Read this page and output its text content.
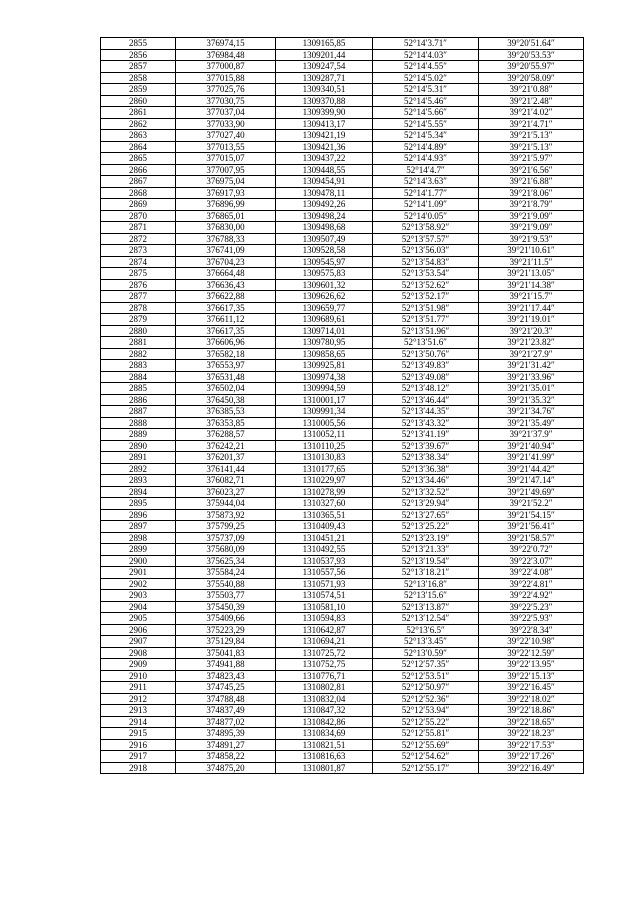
2855	376974,15	1309165,85	52°14′3.71″	39°20′51.64″
2856	376984,48	1309201,44	52°14′4.03″	39°20′53.53″
2857	377000,87	1309247,54	52°14′4.55″	39°20′55.97″
2858	377015,88	1309287,71	52°14′5.02″	39°20′58.09″
2859	377025,76	1309340,51	52°14′5.31″	39°21′0.88″
2860	377030,75	1309370,88	52°14′5.46″	39°21′2.48″
2861	377037,04	1309399,90	52°14′5.66″	39°21′4.02″
2862	377033,90	1309413,17	52°14′5.55″	39°21′4.71″
2863	377027,40	1309421,19	52°14′5.34″	39°21′5.13″
2864	377013,55	1309421,36	52°14′4.89″	39°21′5.13″
2865	377015,07	1309437,22	52°14′4.93″	39°21′5.97″
2866	377007,95	1309448,55	52°14′4.7″	39°21′6.56″
2867	376975,04	1309454,91	52°14′3.63″	39°21′6.88″
2868	376917,93	1309478,11	52°14′1.77″	39°21′8.06″
2869	376896,99	1309492,26	52°14′1.09″	39°21′8.79″
2870	376865,01	1309498,24	52°14′0.05″	39°21′9.09″
2871	376830,00	1309498,68	52°13′58.92″	39°21′9.09″
2872	376788,33	1309507,49	52°13′57.57″	39°21′9.53″
2873	376741,09	1309528,58	52°13′56.03″	39°21′10.61″
2874	376704,23	1309545,97	52°13′54.83″	39°21′11.5″
2875	376664,48	1309575,83	52°13′53.54″	39°21′13.05″
2876	376636,43	1309601,32	52°13′52.62″	39°21′14.38″
2877	376622,88	1309626,62	52°13′52.17″	39°21′15.7″
2878	376617,35	1309659,77	52°13′51.98″	39°21′17.44″
2879	376611,12	1309689,61	52°13′51.77″	39°21′19.01″
2880	376617,35	1309714,01	52°13′51.96″	39°21′20.3″
2881	376606,96	1309780,95	52°13′51.6″	39°21′23.82″
2882	376582,18	1309858,65	52°13′50.76″	39°21′27.9″
2883	376553,97	1309925,81	52°13′49.83″	39°21′31.42″
2884	376531,48	1309974,38	52°13′49.08″	39°21′33.96″
2885	376502,04	1309994,59	52°13′48.12″	39°21′35.01″
2886	376450,38	1310001,17	52°13′46.44″	39°21′35.32″
2887	376385,53	1309991,34	52°13′44.35″	39°21′34.76″
2888	376353,85	1310005,56	52°13′43.32″	39°21′35.49″
2889	376288,57	1310052,11	52°13′41.19″	39°21′37.9″
2890	376242,21	1310110,25	52°13′39.67″	39°21′40.94″
2891	376201,37	1310130,83	52°13′38.34″	39°21′41.99″
2892	376141,44	1310177,65	52°13′36.38″	39°21′44.42″
2893	376082,71	1310229,97	52°13′34.46″	39°21′47.14″
2894	376023,27	1310278,99	52°13′32.52″	39°21′49.69″
2895	375944,04	1310327,60	52°13′29.94″	39°21′52.2″
2896	375873,92	1310365,51	52°13′27.65″	39°21′54.15″
2897	375799,25	1310409,43	52°13′25.22″	39°21′56.41″
2898	375737,09	1310451,21	52°13′23.19″	39°21′58.57″
2899	375680,09	1310492,55	52°13′21.33″	39°22′0.72″
2900	375625,34	1310537,93	52°13′19.54″	39°22′3.07″
2901	375584,24	1310557,56	52°13′18.21″	39°22′4.08″
2902	375540,88	1310571,93	52°13′16.8″	39°22′4.81″
2903	375503,77	1310574,51	52°13′15.6″	39°22′4.92″
2904	375450,39	1310581,10	52°13′13.87″	39°22′5.23″
2905	375409,66	1310594,83	52°13′12.54″	39°22′5.93″
2906	375223,29	1310642,87	52°13′6.5″	39°22′8.34″
2907	375129,84	1310694,21	52°13′3.45″	39°22′10.98″
2908	375041,83	1310725,72	52°13′0.59″	39°22′12.59″
2909	374941,88	1310752,75	52°12′57.35″	39°22′13.95″
2910	374823,43	1310776,71	52°12′53.51″	39°22′15.13″
2911	374745,25	1310802,81	52°12′50.97″	39°22′16.45″
2912	374788,48	1310832,04	52°12′52.36″	39°22′18.02″
2913	374837,49	1310847,32	52°12′53.94″	39°22′18.86″
2914	374877,02	1310842,86	52°12′55.22″	39°22′18.65″
2915	374895,39	1310834,69	52°12′55.81″	39°22′18.23″
2916	374891,27	1310821,51	52°12′55.69″	39°22′17.53″
2917	374858,22	1310816,63	52°12′54.62″	39°22′17.26″
2918	374875,20	1310801,87	52°12′55.17″	39°22′16.49″
